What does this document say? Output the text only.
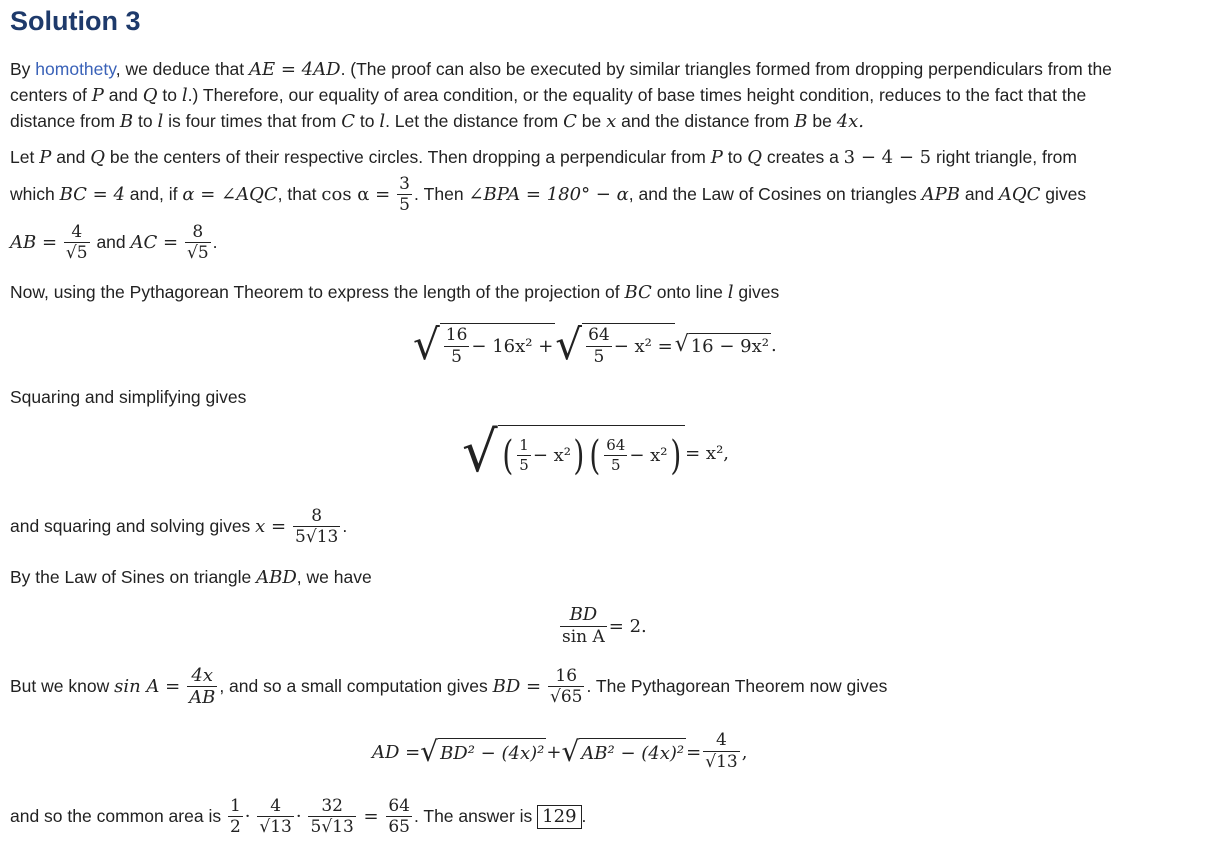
Solution 3
By homothety, we deduce that AE = 4AD. (The proof can also be executed by similar triangles formed from dropping perpendiculars from the
centers of P and Q to l.) Therefore, our equality of area condition, or the equality of base times height condition, reduces to the fact that the
distance from B to l is four times that from C to l. Let the distance from C be x and the distance from B be 4x.
Let P and Q be the centers of their respective circles. Then dropping a perpendicular from P to Q creates a 3 − 4 − 5 right triangle, from
which BC = 4 and, if α = ∠AQC, that $\cos \alpha = \frac{3}{5}$ . Then ∠BPA = 180° − α, and the Law of Cosines on triangles APB and AQC gives
AB = $\frac{4}{√5}$ and AC = $\frac{8}{√5}$ .
Now, using the Pythagorean Theorem to express the length of the projection of BC onto line l gives
√ $\frac{16}{5} - 16x^2$ + √ $\frac{64}{5} - x^2$ = √ 16 − 9x² .
Squaring and simplifying gives
√ ( $\frac{1}{5} - x^2$ ) ( $\frac{64}{5} - x^2$ ) = x²,
and squaring and solving gives $x = \frac{8}{5√13}$ .
By the Law of Sines on triangle ABD, we have
$\frac{BD}{\text{sin A}} = 2$.
But we know $\sin A = \frac{4x}{AB}$ , and so a small computation gives BD = $\frac{16}{√65}$ . The Pythagorean Theorem now gives
AD = √ BD² − (4x)² + √ $AB^2 - (4x)^2 = \frac{4}{√13}$ ,
and so the common area is $\frac{1}{2} \cdot \frac{4}{√13} \cdot \frac{32}{5√13} = \frac{64}{65}$ . The answer is 129 .
